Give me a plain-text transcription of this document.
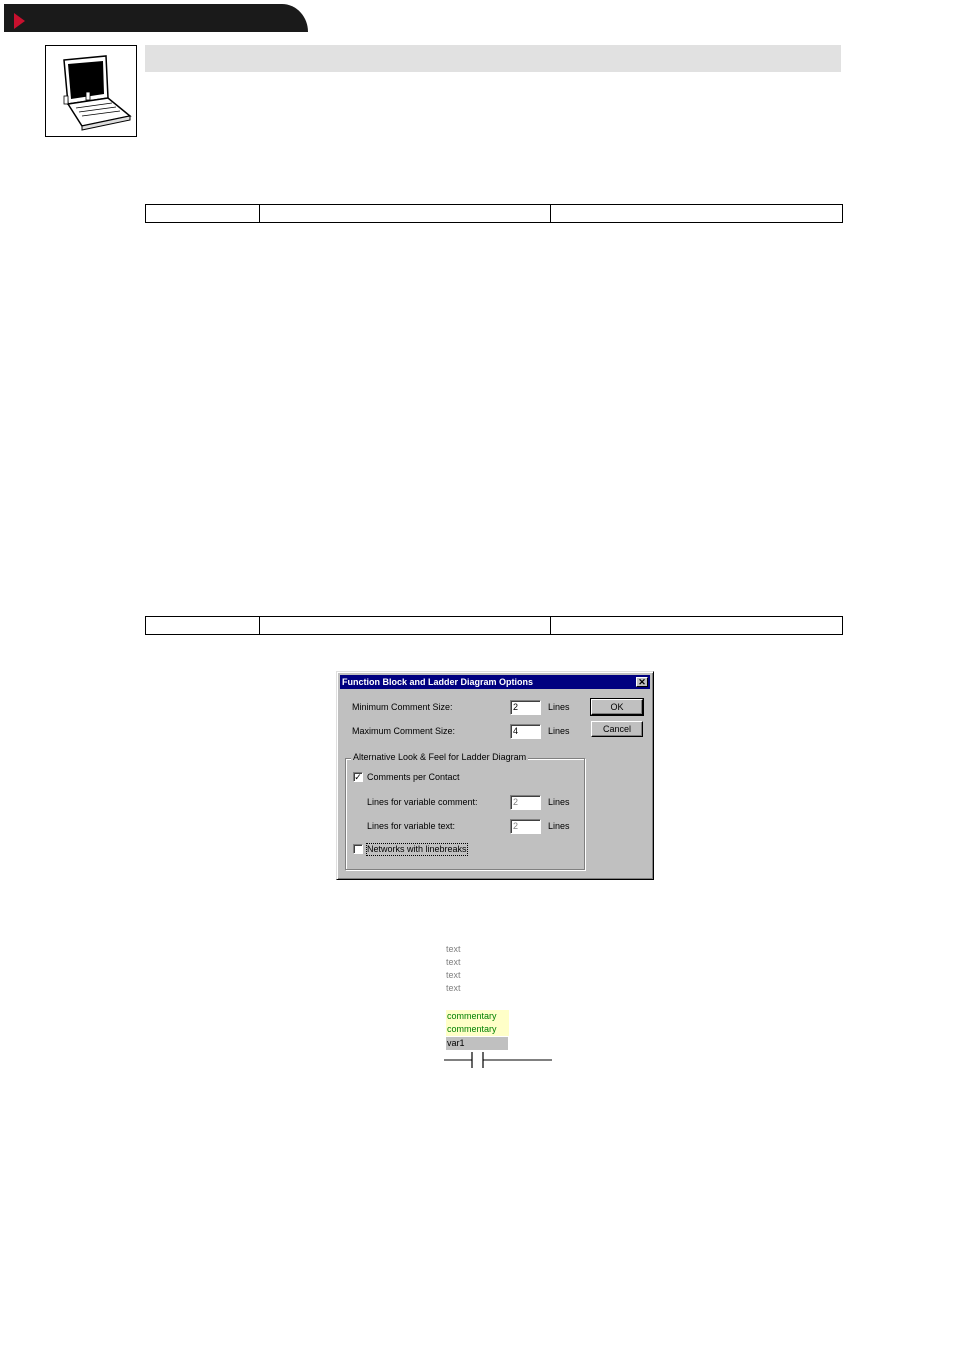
Function Block and Ladder Diagram Options	✕
Minimum Comment Size:	2	Lines
Maximum Comment Size:	4	Lines
OK
Cancel
Alternative Look & Feel for Ladder Diagram
✓ Comments per Contact
Lines for variable comment:	2	Lines
Lines for variable text:	2	Lines
Networks with linebreaks
text
text
text
text
commentary
commentary
var1
